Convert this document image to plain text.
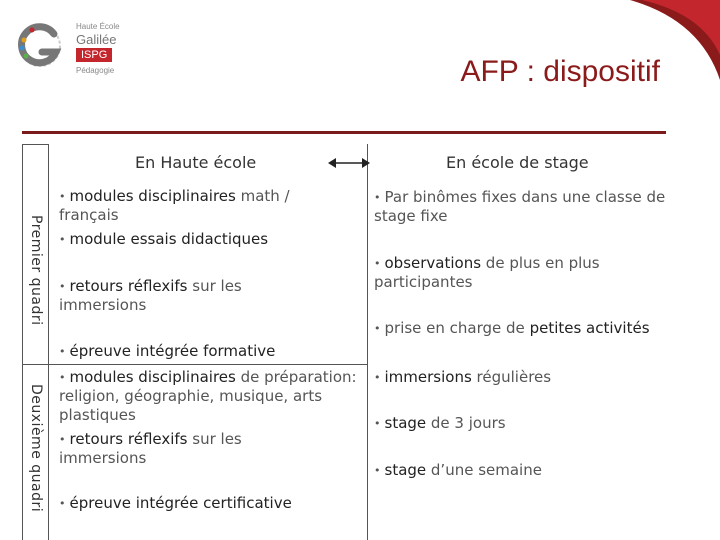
Haute École
Galilée
ISPG
Pédagogie	AFP : dispositif
En Haute école	En école de stage
Premier quadri
Deuxième quadri
• modules disciplinaires math / français
• module essais didactiques
• retours réflexifs sur les immersions
• épreuve intégrée formative
• Par binômes fixes dans une classe de stage fixe
• observations de plus en plus participantes
• prise en charge de petites activités
• modules disciplinaires de préparation: religion, géographie, musique, arts plastiques
• retours réflexifs sur les immersions
• épreuve intégrée certificative
• immersions régulières
• stage de 3 jours
• stage d’une semaine
